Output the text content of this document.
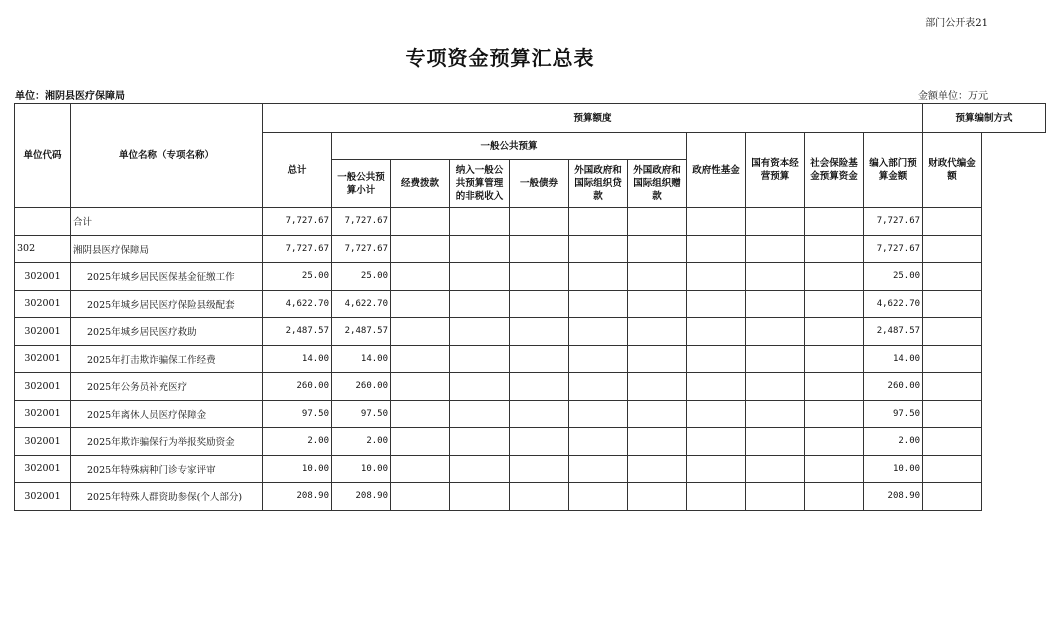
部门公开表21
专项资金预算汇总表
单位：湘阴县医疗保障局	金额单位：万元
单位代码	单位名称（专项名称）	预算额度											预算编制方式
		总计	一般公共预算						政府性基金	国有资本经营预算	社会保险基金预算资金	编入部门预算金额	财政代编金额
			一般公共预算小计	经费拨款	纳入一般公共预算管理的非税收入	一般债券	外国政府和国际组织贷款	外国政府和国际组织赠款					
	合计	7,727.67	7,727.67									7,727.67	
302	湘阴县医疗保障局	7,727.67	7,727.67									7,727.67	
302001	2025年城乡居民医保基金征缴工作	25.00	25.00									25.00	
302001	2025年城乡居民医疗保险县级配套	4,622.70	4,622.70									4,622.70	
302001	2025年城乡居民医疗救助	2,487.57	2,487.57									2,487.57	
302001	2025年打击欺诈骗保工作经费	14.00	14.00									14.00	
302001	2025年公务员补充医疗	260.00	260.00									260.00	
302001	2025年离休人员医疗保障金	97.50	97.50									97.50	
302001	2025年欺诈骗保行为举报奖励资金	2.00	2.00									2.00	
302001	2025年特殊病种门诊专家评审	10.00	10.00									10.00	
302001	2025年特殊人群资助参保(个人部分)	208.90	208.90									208.90	
